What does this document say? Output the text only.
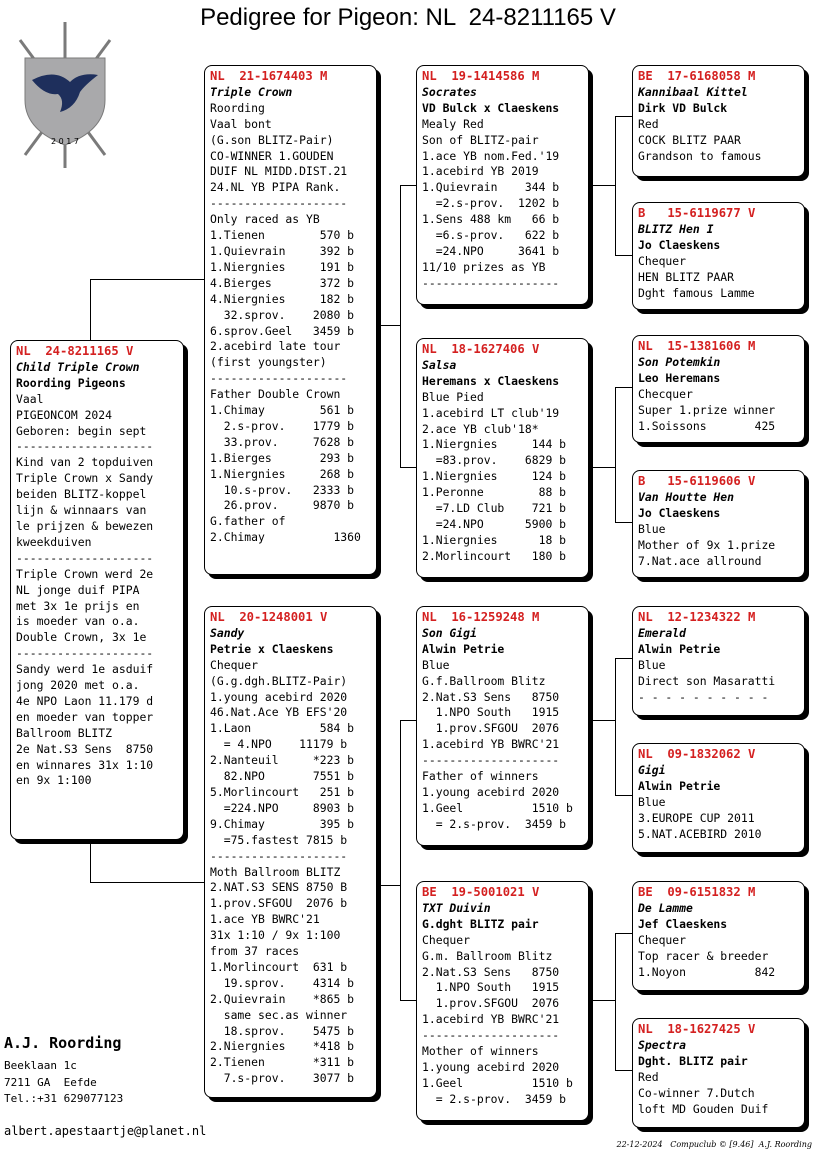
Pedigree for Pigeon: NL  24-8211165 V
2 0 1 7
NL  24-8211165 V
Child Triple Crown
Roording Pigeons
Vaal
PIGEONCOM 2024
Geboren: begin sept
--------------------
Kind van 2 topduiven
Triple Crown x Sandy
beiden BLITZ-koppel
lijn & winnaars van
le prijzen & bewezen
kweekduiven
--------------------
Triple Crown werd 2e
NL jonge duif PIPA
met 3x 1e prijs en
is moeder van o.a.
Double Crown, 3x 1e
--------------------
Sandy werd 1e asduif
jong 2020 met o.a.
4e NPO Laon 11.179 d
en moeder van topper
Ballroom BLITZ
2e Nat.S3 Sens  8750
en winnares 31x 1:10
en 9x 1:100
NL  21-1674403 M
Triple Crown
Roording
Vaal bont
(G.son BLITZ-Pair)
CO-WINNER 1.GOUDEN
DUIF NL MIDD.DIST.21
24.NL YB PIPA Rank.
--------------------
Only raced as YB
1.Tienen        570 b
1.Quievrain     392 b
1.Niergnies     191 b
4.Bierges       372 b
4.Niergnies     182 b
32.sprov.    2080 b
6.sprov.Geel   3459 b
2.acebird late tour
(first youngster)
--------------------
Father Double Crown
1.Chimay        561 b
2.s-prov.    1779 b
33.prov.     7628 b
1.Bierges       293 b
1.Niergnies     268 b
10.s-prov.   2333 b
26.prov.     9870 b
G.father of
2.Chimay          1360
NL  20-1248001 V
Sandy
Petrie x Claeskens
Chequer
(G.g.dgh.BLITZ-Pair)
1.young acebird 2020
46.Nat.Ace YB EFS'20
1.Laon          584 b
= 4.NPO    11179 b
2.Nanteuil     *223 b
82.NPO       7551 b
5.Morlincourt   251 b
=224.NPO     8903 b
9.Chimay        395 b
=75.fastest 7815 b
--------------------
Moth Ballroom BLITZ
2.NAT.S3 SENS 8750 B
1.prov.SFGOU  2076 b
1.ace YB BWRC'21
31x 1:10 / 9x 1:100
from 37 races
1.Morlincourt  631 b
19.sprov.    4314 b
2.Quievrain    *865 b
same sec.as winner
18.sprov.    5475 b
2.Niergnies    *418 b
2.Tienen       *311 b
7.s-prov.    3077 b
NL  19-1414586 M
Socrates
VD Bulck x Claeskens
Mealy Red
Son of BLITZ-pair
1.ace YB nom.Fed.'19
1.acebird YB 2019
1.Quievrain    344 b
=2.s-prov.  1202 b
1.Sens 488 km   66 b
=6.s-prov.   622 b
=24.NPO     3641 b
11/10 prizes as YB
--------------------
NL  18-1627406 V
Salsa
Heremans x Claeskens
Blue Pied
1.acebird LT club'19
2.ace YB club'18*
1.Niergnies     144 b
=83.prov.    6829 b
1.Niergnies     124 b
1.Peronne        88 b
=7.LD Club    721 b
=24.NPO      5900 b
1.Niergnies      18 b
2.Morlincourt   180 b
NL  16-1259248 M
Son Gigi
Alwin Petrie
Blue
G.f.Ballroom Blitz
2.Nat.S3 Sens   8750
1.NPO South   1915
1.prov.SFGOU  2076
1.acebird YB BWRC'21
--------------------
Father of winners
1.young acebird 2020
1.Geel          1510 b
= 2.s-prov.  3459 b
BE  19-5001021 V
TXT Duivin
G.dght BLITZ pair
Chequer
G.m. Ballroom Blitz
2.Nat.S3 Sens   8750
1.NPO South   1915
1.prov.SFGOU  2076
1.acebird YB BWRC'21
--------------------
Mother of winners
1.young acebird 2020
1.Geel          1510 b
= 2.s-prov.  3459 b
BE  17-6168058 M
Kannibaal Kittel
Dirk VD Bulck
Red
COCK BLITZ PAAR
Grandson to famous
B   15-6119677 V
BLITZ Hen I
Jo Claeskens
Chequer
HEN BLITZ PAAR
Dght famous Lamme
NL  15-1381606 M
Son Potemkin
Leo Heremans
Checquer
Super 1.prize winner
1.Soissons       425
B   15-6119606 V
Van Houtte Hen
Jo Claeskens
Blue
Mother of 9x 1.prize
7.Nat.ace allround
NL  12-1234322 M
Emerald
Alwin Petrie
Blue
Direct son Masaratti
- - - - - - - - - -
NL  09-1832062 V
Gigi
Alwin Petrie
Blue
3.EUROPE CUP 2011
5.NAT.ACEBIRD 2010
BE  09-6151832 M
De Lamme
Jef Claeskens
Chequer
Top racer & breeder
1.Noyon          842
NL  18-1627425 V
Spectra
Dght. BLITZ pair
Red
Co-winner 7.Dutch
loft MD Gouden Duif
A.J. Roording
Beeklaan 1c
7211 GA  Eefde
Tel.:+31 629077123
albert.apestaartje@planet.nl
22-12-2024   Compuclub © [9.46]  A.J. Roording
